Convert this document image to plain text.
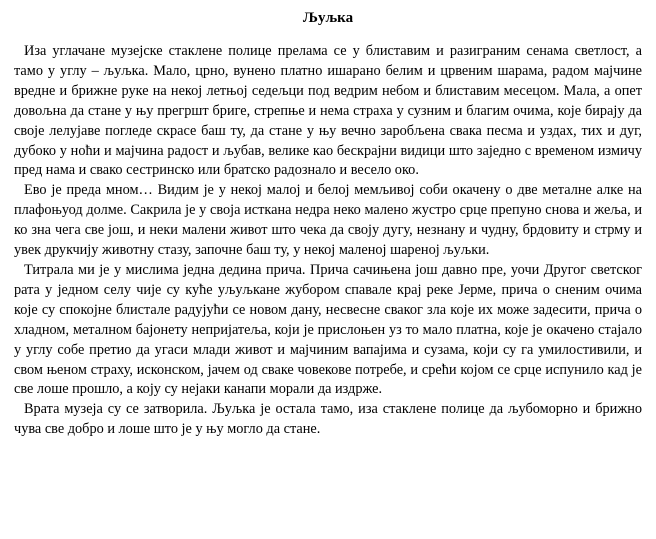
Љуљка

Иза углачане музејске стаклене полице прелама се у блиставим и разиграним сенама светлост, а тамо у углу – љуљка. Мало, црно, вунено платно ишарано белим и црвеним шарама, радом мајчине вредне и брижне руке на некој летњој седељци под ведрим небом и блиставим месецом. Мала, а опет довољна да стане у њу прегршт бриге, стрепње и нема страха у сузним и благим очима, које бирају да своје лелујаве погледе скрасе баш ту, да стане у њу вечно заробљена свака песма и уздах, тих и дуг, дубоко у ноћи и мајчина радост и љубав, велике као бескрајни видици што заједно с временом измичу пред нама и свако сестринско или братско радознало и весело око.

Ево је преда мном… Видим је у некој малој и белој мемљивој соби окачену о две металне алке на плафоњуод долме. Сакрила је у својa исткана недра неко малено жустро срце препуно снова и жеља, и ко зна чега све још, и неки малени живот што чека да своју дугу, незнану и чудну, брдовиту и стрму и увек друкчију животну стазу, започне баш ту, у некој маленој шареној љуљки.

Титрала ми је у мислима једна дедина прича. Прича сачињена још давно пре, уочи Другог светског рата у једном селу чије су куће уљуљкане жубором спавале крај реке Јерме, прича о сненим очима које су спокојне блистале радујући се новом дану, несвесне сваког зла које их може задесити, прича о хладном, металном бајонету непријатеља, који је прислоњен уз то мало платна, које је окачено стајало у углу собе претио да угаси млади живот и мајчиним вапајима и сузама, који су га умилостивили, и свом њеном страху, исконском, јачем од сваке човекове потребе, и срећи којом се срце испунило кад је све лоше прошло, а коју су нејаки канапи морали да издрже.

Врата музеја су се затворила. Љуљка је остала тамо, иза стаклене полице да љубоморно и брижно чува све добро и лоше што је у њу могло да стане.
